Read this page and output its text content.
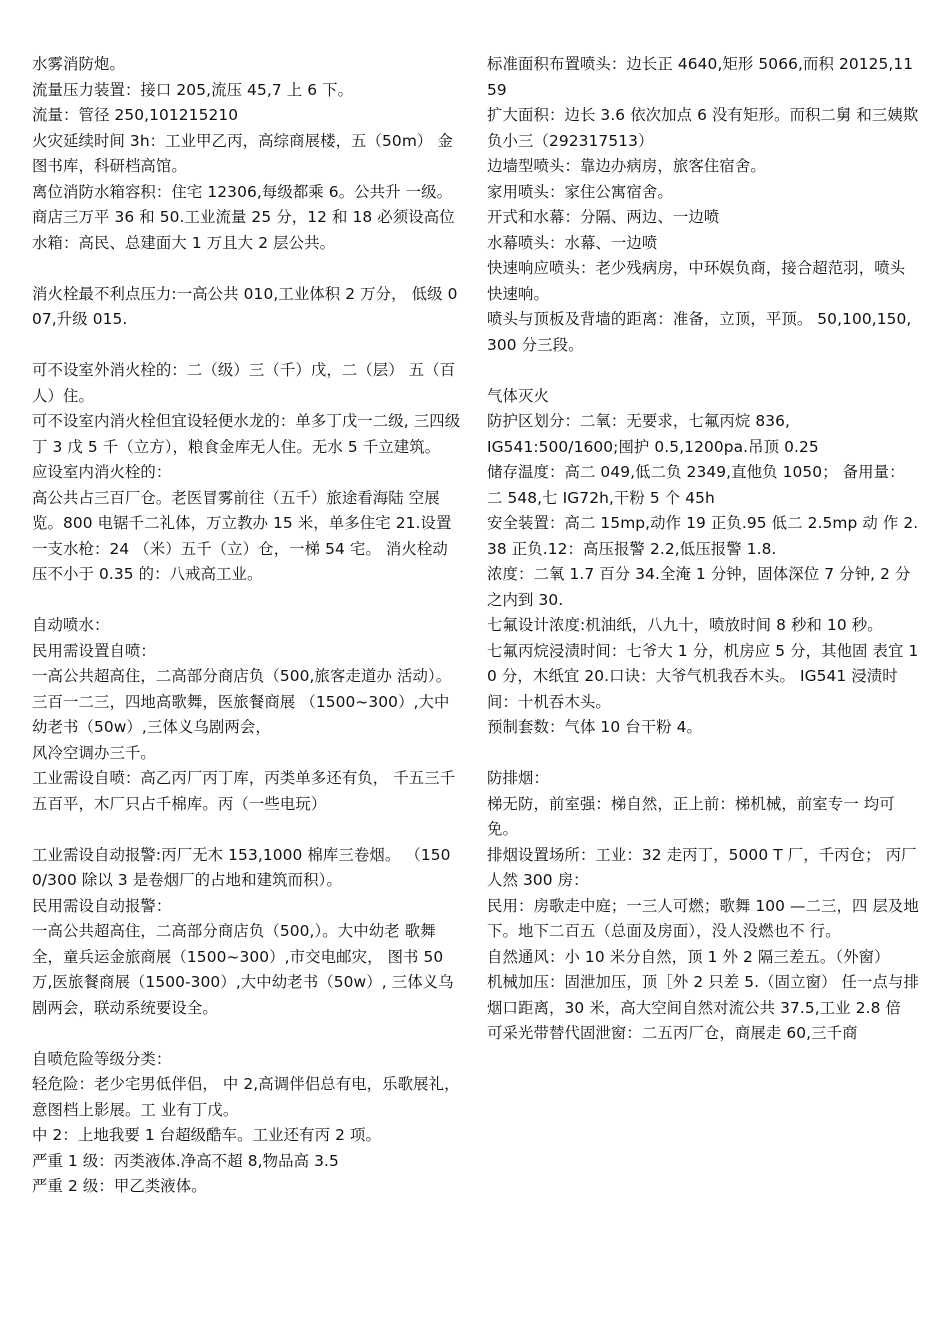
水雾消防炮。

流量压力装置：接口 205,流压 45,7 上 6 下。

流量：管径 250,101215210

火灾延续时间 3h：工业甲乙丙，高综商展楼，五（50m） 金图书库，科研档高馆。

离位消防水箱容积：住宅 12306,每级都乘 6。公共升 一级。商店三万平 36 和 50.工业流量 25 分，12 和 18 必须设高位水箱：高民、总建面大 1 万且大 2 层公共。

消火栓最不利点压力:一高公共 010,工业体积 2 万分， 低级 007,升级 015.

可不设室外消火栓的：二（级）三（千）戊，二（层） 五（百人）住。

可不设室内消火栓但宜设轻便水龙的：单多丁戊一二级, 三四级丁 3 戊 5 千（立方），粮食金库无人住。无水 5 千立建筑。

应设室内消火栓的：

高公共占三百厂仓。老医冒雾前往（五千）旅途看海陆 空展览。800 电锯千二礼体，万立教办 15 米，单多住宅 21.设置一支水枪：24 （米）五千（立）仓，一梯 54 宅。 消火栓动压不小于 0.35 的：八戒高工业。

自动喷水：

民用需设置自喷：

一高公共超高住，二高部分商店负（500,旅客走道办 活动）。三百一二三，四地高歌舞，医旅餐商展 （1500~300）,大中幼老书（50w）,三体义乌剧两会，

风冷空调办三千。

工业需设自喷：高乙丙厂丙丁库，丙类单多还有负， 千五三千五百平，木厂只占千棉库。丙（一些电玩）

工业需设自动报警:丙厂无木 153,1000 棉库三卷烟。 （1500/300 除以 3 是卷烟厂的占地和建筑而积）。

民用需设自动报警：

一高公共超高住，二高部分商店负（500,）。大中幼老 歌舞全，童兵运金旅商展（1500~300）,市交电邮灾， 图书 50 万,医旅餐商展（1500-300）,大中幼老书（50w）, 三体义乌剧两会，联动系统要设全。

自喷危险等级分类：

轻危险：老少宅男低伴侣， 中 2,高调伴侣总有电，乐歌展礼，意图档上影展。工 业有丁戊。

中 2：上地我要 1 台超级酷车。工业还有丙 2 项。

严重 1 级：丙类液体.净高不超 8,物品高 3.5

严重 2 级：甲乙类液体。

标准面积布置喷头：边长正 4640,矩形 5066,而积 20125,1159

扩大面积：边长 3.6 依次加点 6 没有矩形。而积二舅 和三姨欺负小三（292317513）

边墙型喷头：靠边办病房，旅客住宿舍。

家用喷头：家住公寓宿舍。

开式和水幕：分隔、两边、一边喷

水幕喷头：水幕、一边喷

快速响应喷头：老少残病房，中环娱负商，接合超范羽，喷头快速响。

喷头与顶板及背墙的距离：准备，立顶，平顶。 50,100,150,300 分三段。

气体灭火

防护区划分：二氧：无要求，七氟丙烷 836,

IG541:500/1600;囤护 0.5,1200pa.吊顶 0.25

储存温度：高二 049,低二负 2349,直他负 1050； 备用量：二 548,七 IG72h,干粉 5 个 45h

安全装置：高二 15mp,动作 19 正负.95 低二 2.5mp 动 作 2.38 正负.12：高压报警 2.2,低压报警 1.8.

浓度：二氧 1.7 百分 34.全淹 1 分钟，固体深位 7 分钟, 2 分之内到 30.

七氟设计浓度:机油纸，八九十，喷放时间 8 秒和 10 秒。

七氟丙烷浸渍时间：七爷大 1 分，机房应 5 分，其他固 表宜 10 分，木纸宜 20.口诀：大爷气机我吞木头。 IG541 浸渍时间：十机吞木头。

预制套数：气体 10 台干粉 4。

防排烟：

梯无防，前室强：梯自然，正上前：梯机械，前室专一 均可免。

排烟设置场所：工业：32 走丙丁，5000 T 厂，千丙仓； 丙厂人然 300 房：

民用：房歌走中庭；一三人可燃；歌舞 100 —二三，四 层及地下。地下二百五（总面及房面），没人没燃也不 行。

自然通风：小 10 米分自然，顶 1 外 2 隔三差五。（外窗）

机械加压：固泄加压，顶［外 2 只差 5.（固立窗） 任一点与排烟口距离，30 米，高大空间自然对流公共 37.5,工业 2.8 倍

可采光带替代固泄窗：二五丙厂仓，商展走 60,三千商
